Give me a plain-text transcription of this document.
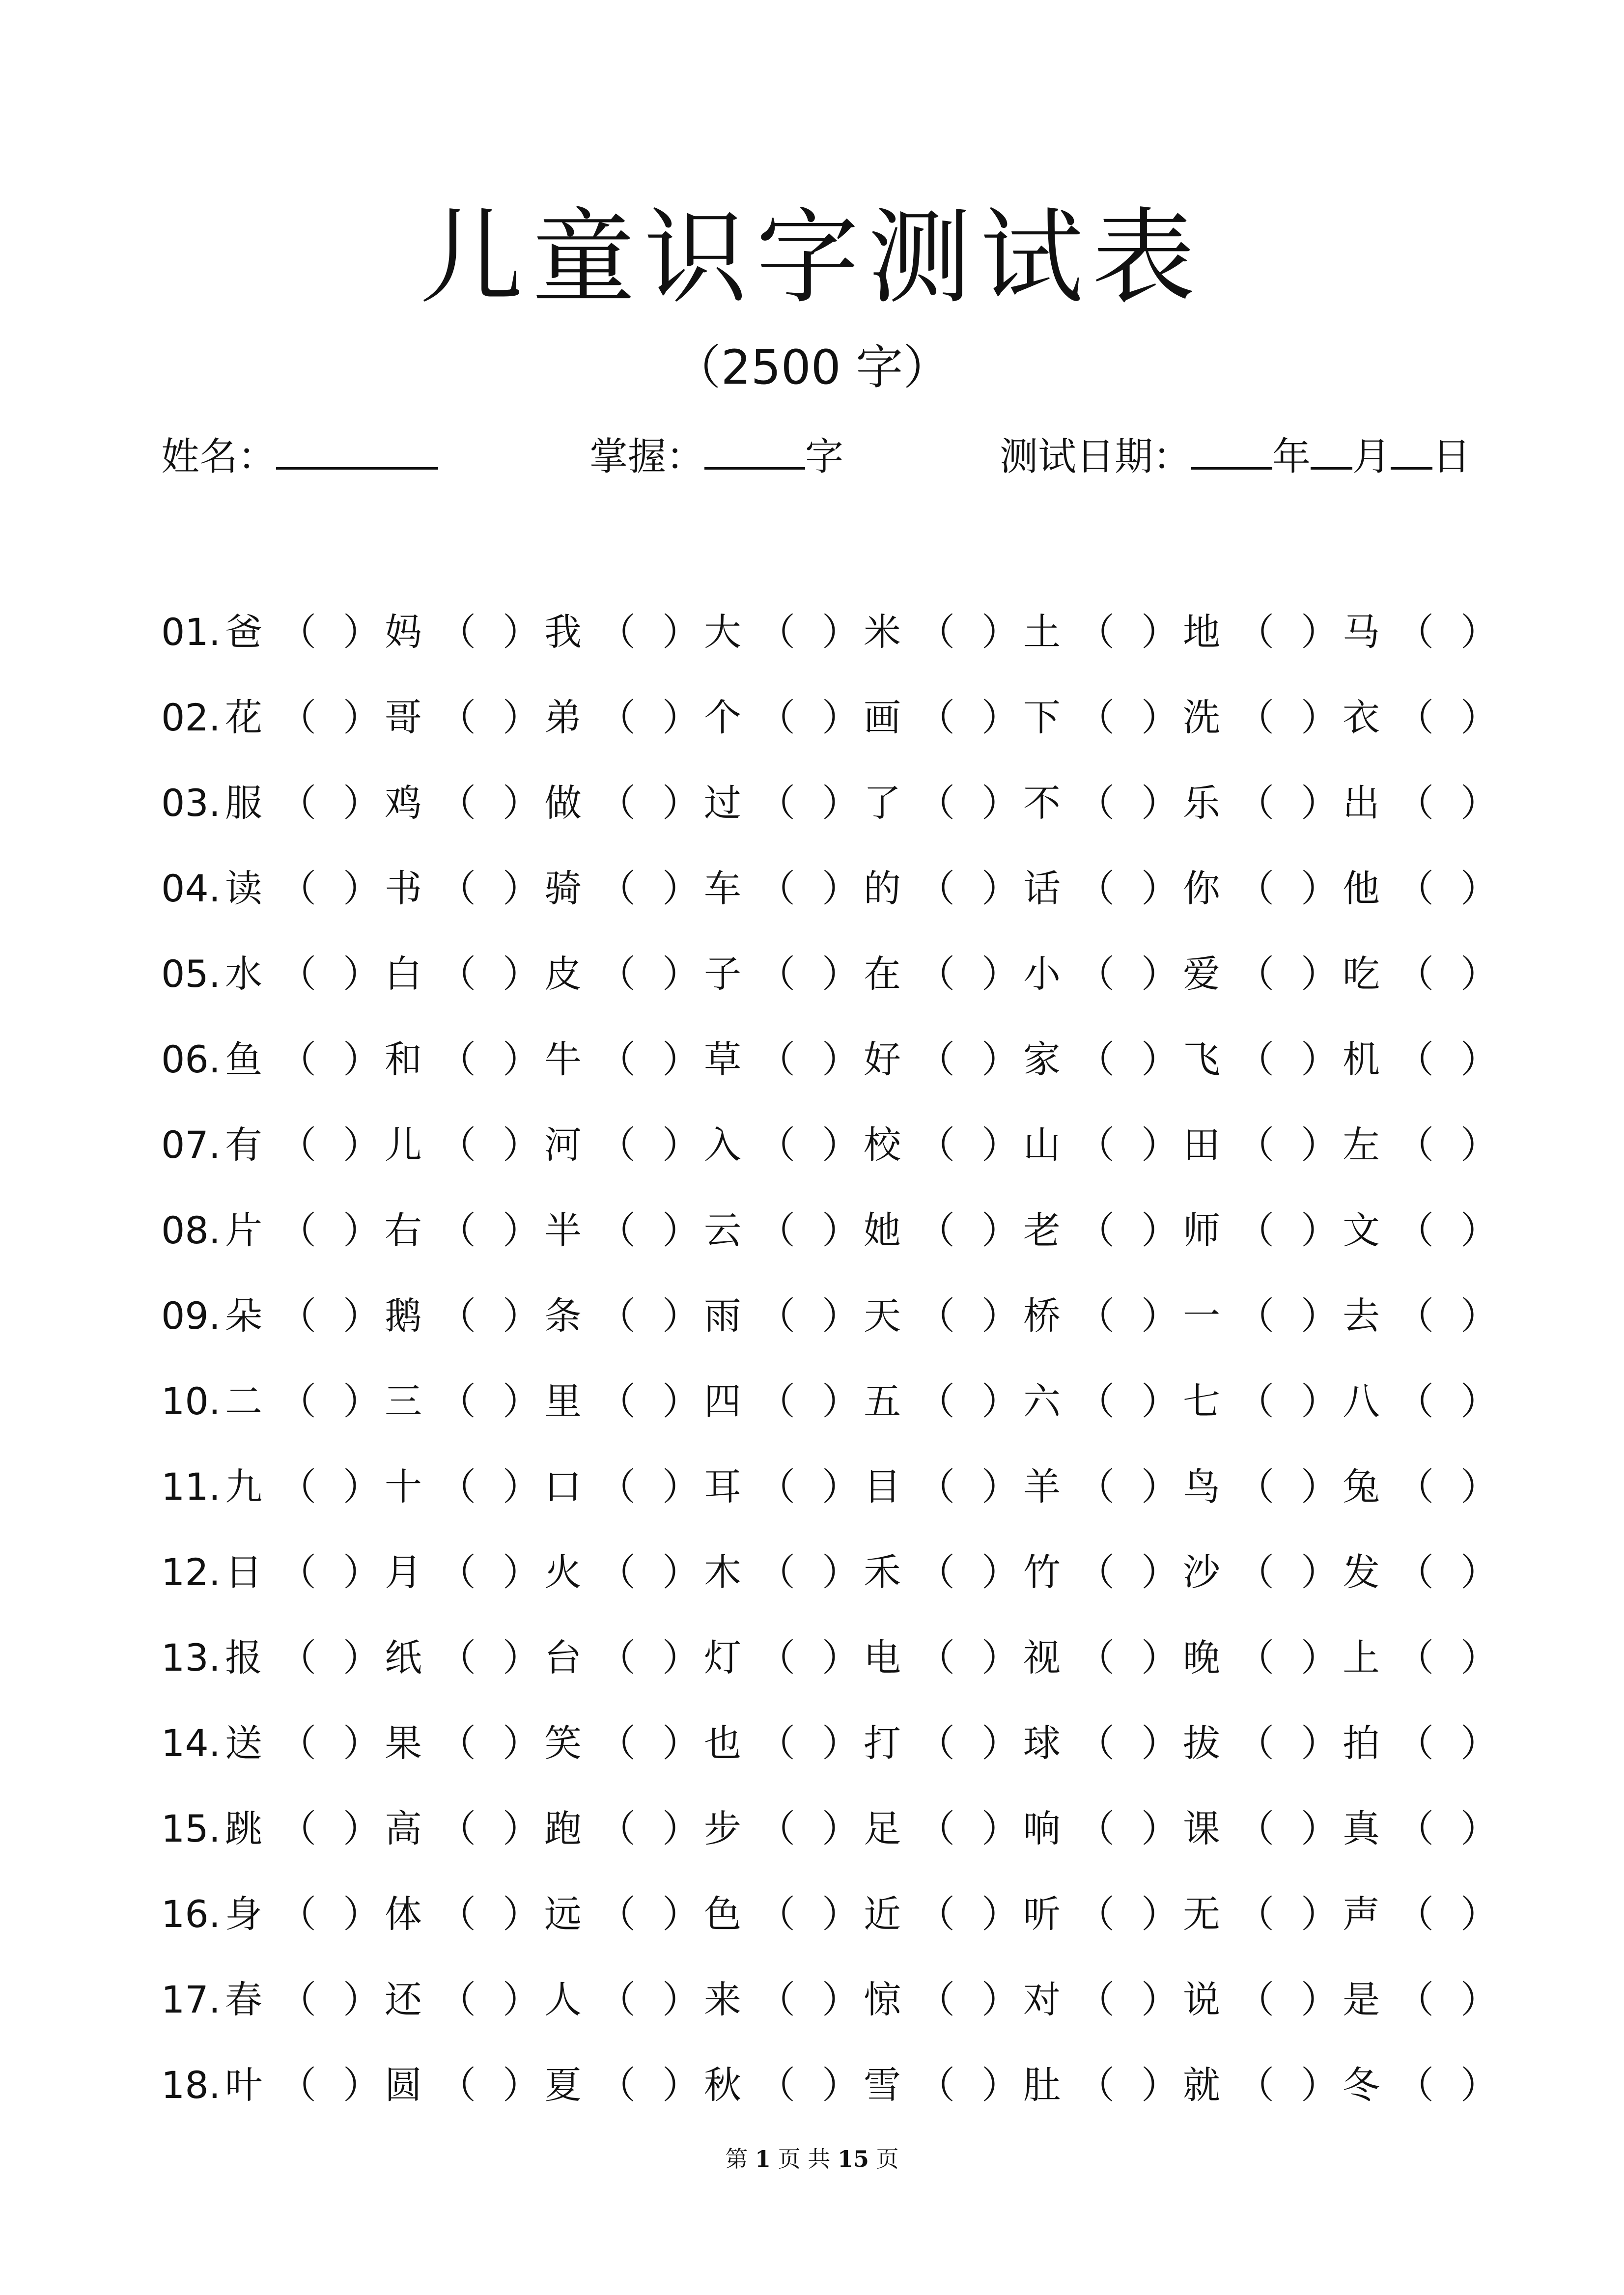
儿童识字测试表
（2500 字）
姓名：	掌握：	字	测试日期： 年 月 日
01. 爸 （ ） 妈 （ ） 我 （ ） 大 （ ） 米 （ ） 土 （ ） 地 （ ） 马 （ ）
02. 花 （ ） 哥 （ ） 弟 （ ） 个 （ ） 画 （ ） 下 （ ） 洗 （ ） 衣 （ ）
03. 服 （ ） 鸡 （ ） 做 （ ） 过 （ ） 了 （ ） 不 （ ） 乐 （ ） 出 （ ）
04. 读 （ ） 书 （ ） 骑 （ ） 车 （ ） 的 （ ） 话 （ ） 你 （ ） 他 （ ）
05. 水 （ ） 白 （ ） 皮 （ ） 子 （ ） 在 （ ） 小 （ ） 爱 （ ） 吃 （ ）
06. 鱼 （ ） 和 （ ） 牛 （ ） 草 （ ） 好 （ ） 家 （ ） 飞 （ ） 机 （ ）
07. 有 （ ） 儿 （ ） 河 （ ） 入 （ ） 校 （ ） 山 （ ） 田 （ ） 左 （ ）
08. 片 （ ） 右 （ ） 半 （ ） 云 （ ） 她 （ ） 老 （ ） 师 （ ） 文 （ ）
09. 朵 （ ） 鹅 （ ） 条 （ ） 雨 （ ） 天 （ ） 桥 （ ） 一 （ ） 去 （ ）
10. 二 （ ） 三 （ ） 里 （ ） 四 （ ） 五 （ ） 六 （ ） 七 （ ） 八 （ ）
11. 九 （ ） 十 （ ） 口 （ ） 耳 （ ） 目 （ ） 羊 （ ） 鸟 （ ） 兔 （ ）
12. 日 （ ） 月 （ ） 火 （ ） 木 （ ） 禾 （ ） 竹 （ ） 沙 （ ） 发 （ ）
13. 报 （ ） 纸 （ ） 台 （ ） 灯 （ ） 电 （ ） 视 （ ） 晚 （ ） 上 （ ）
14. 送 （ ） 果 （ ） 笑 （ ） 也 （ ） 打 （ ） 球 （ ） 拔 （ ） 拍 （ ）
15. 跳 （ ） 高 （ ） 跑 （ ） 步 （ ） 足 （ ） 响 （ ） 课 （ ） 真 （ ）
16. 身 （ ） 体 （ ） 远 （ ） 色 （ ） 近 （ ） 听 （ ） 无 （ ） 声 （ ）
17. 春 （ ） 还 （ ） 人 （ ） 来 （ ） 惊 （ ） 对 （ ） 说 （ ） 是 （ ）
18. 叶 （ ） 圆 （ ） 夏 （ ） 秋 （ ） 雪 （ ） 肚 （ ） 就 （ ） 冬 （ ）
第 1 页 共 15 页
